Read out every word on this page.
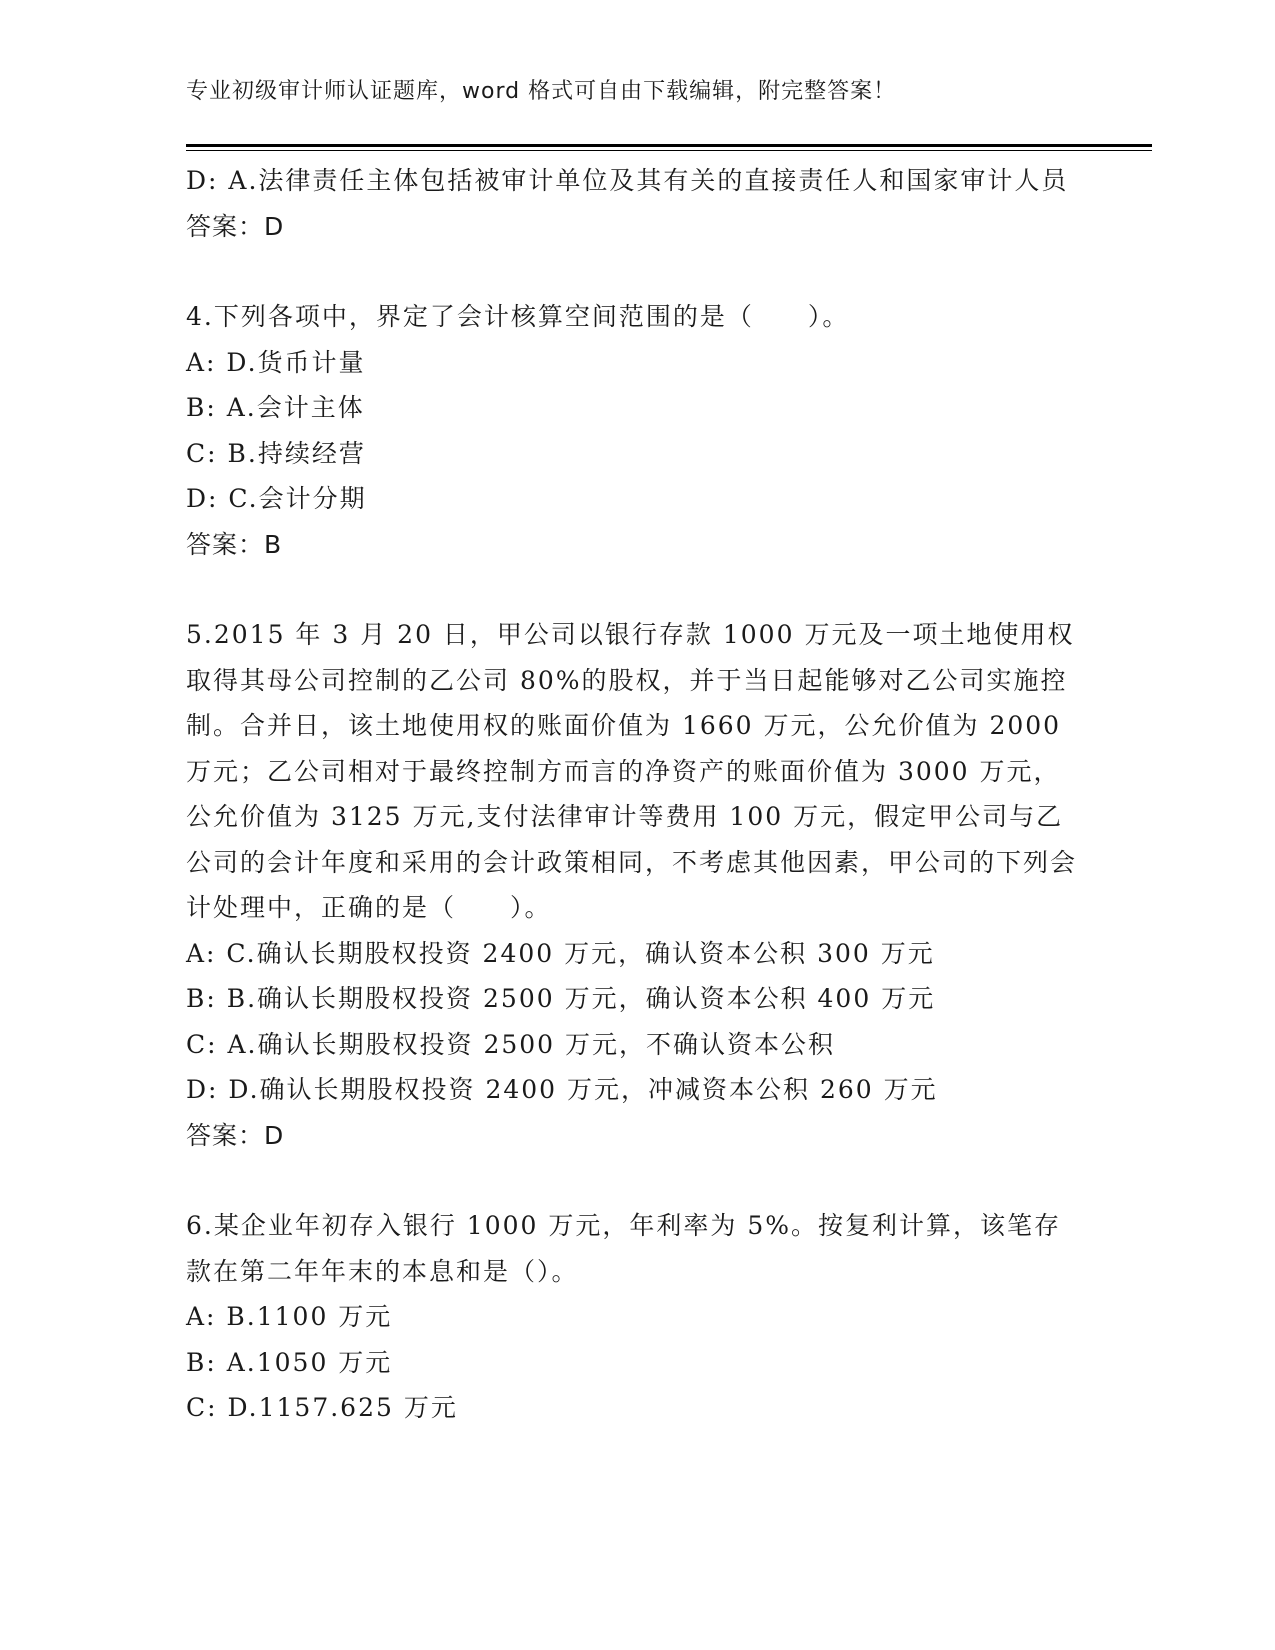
专业初级审计师认证题库，word 格式可自由下载编辑，附完整答案！
D: A.法律责任主体包括被审计单位及其有关的直接责任人和国家审计人员
答案：D
4.下列各项中，界定了会计核算空间范围的是（　　）。
A: D.货币计量
B: A.会计主体
C: B.持续经营
D: C.会计分期
答案：B
5.2015 年 3 月 20 日，甲公司以银行存款 1000 万元及一项土地使用权取得其母公司控制的乙公司 80%的股权，并于当日起能够对乙公司实施控制。合并日，该土地使用权的账面价值为 1660 万元，公允价值为 2000 万元；乙公司相对于最终控制方而言的净资产的账面价值为 3000 万元，公允价值为 3125 万元,支付法律审计等费用 100 万元，假定甲公司与乙公司的会计年度和采用的会计政策相同，不考虑其他因素，甲公司的下列会计处理中，正确的是（　　）。
A: C.确认长期股权投资 2400 万元，确认资本公积 300 万元
B: B.确认长期股权投资 2500 万元，确认资本公积 400 万元
C: A.确认长期股权投资 2500 万元，不确认资本公积
D: D.确认长期股权投资 2400 万元，冲减资本公积 260 万元
答案：D
6.某企业年初存入银行 1000 万元，年利率为 5%。按复利计算，该笔存款在第二年年末的本息和是（）。
A: B.1100 万元
B: A.1050 万元
C: D.1157.625 万元
